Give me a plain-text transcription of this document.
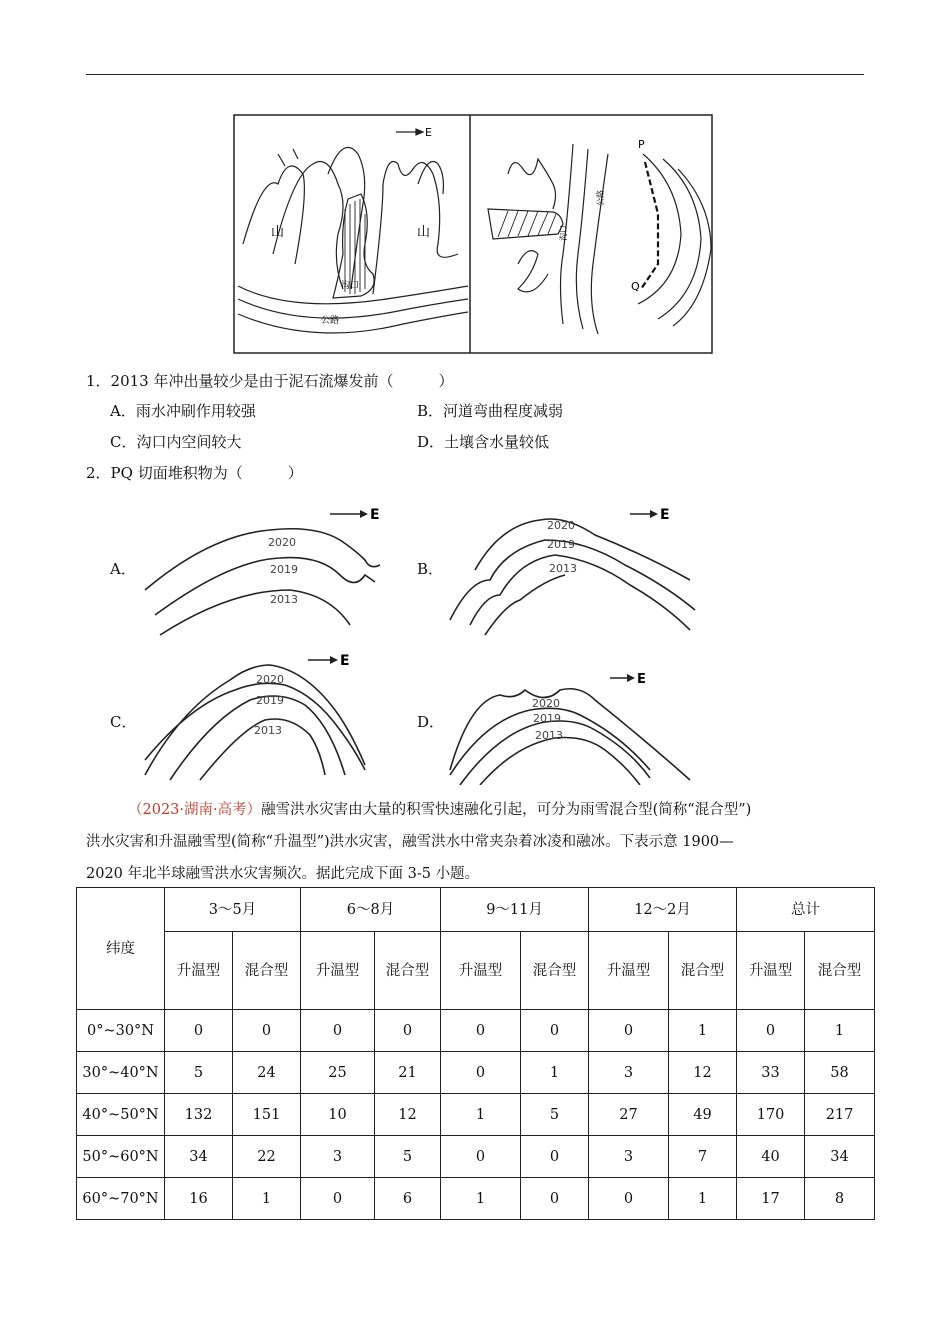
E
山	山
沟口
公路
P
Q
沟口
公路
1．2013 年冲出量较少是由于泥石流爆发前（　　　）
A．雨水冲刷作用较强	B．河道弯曲程度减弱
C．沟口内空间较大	D．土壤含水量较低
2．PQ 切面堆积物为（　　　）
A．
E
2020
2019
2013
B．
E
2020
2019
2013
C．
E
2020
2019
2013	D．
E
2020
2019
2013
（2023·湖南·高考）融雪洪水灾害由大量的积雪快速融化引起，可分为雨雪混合型(简称“混合型”)
洪水灾害和升温融雪型(简称“升温型”)洪水灾害，融雪洪水中常夹杂着冰凌和融冰。下表示意 1900—
2020 年北半球融雪洪水灾害频次。据此完成下面 3-5 小题。
纬度	3～5月		6～8月		9～11月		12～2月		总计	
	升温型	混合型	升温型	混合型	升温型	混合型	升温型	混合型	升温型	混合型
0°~30°N	0	0	0	0	0	0	0	1	0	1
30°~40°N	5	24	25	21	0	1	3	12	33	58
40°~50°N	132	151	10	12	1	5	27	49	170	217
50°~60°N	34	22	3	5	0	0	3	7	40	34
60°~70°N	16	1	0	6	1	0	0	1	17	8
